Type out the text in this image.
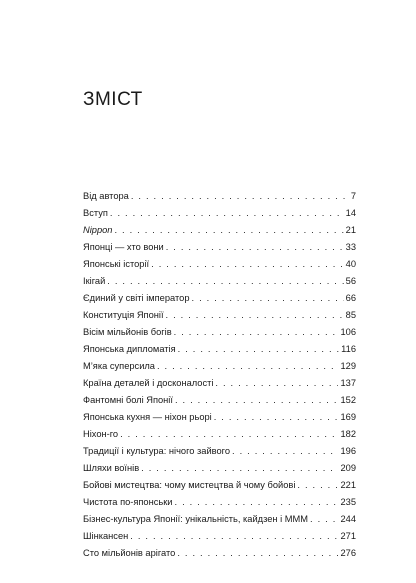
ЗМІСТ
Від автора . . .	7
Вступ . . .	14
Nippon . . .	21
Японці — хто вони . . .	33
Японські історії . . .	40
Ікігай . . .	56
Єдиний у світі імператор . . .	66
Конституція Японії . . .	85
Вісім мільйонів богів . . .	106
Японська дипломатія . . .	116
М’яка суперсила . . .	129
Країна деталей і досконалості . . .	137
Фантомні болі Японії . . .	152
Японська кухня — ніхон рьорі . . .	169
Ніхон-го . . .	182
Традиції і культура: нічого зайвого . . .	196
Шляхи воїнів . . .	209
Бойові мистецтва: чому мистецтва й чому бойові . . .	221
Чистота по-японськи . . .	235
Бізнес-культура Японії: унікальність, кайдзен і МММ . . .	244
Шінкансен . . .	271
Сто мільйонів арігато . . .	276
